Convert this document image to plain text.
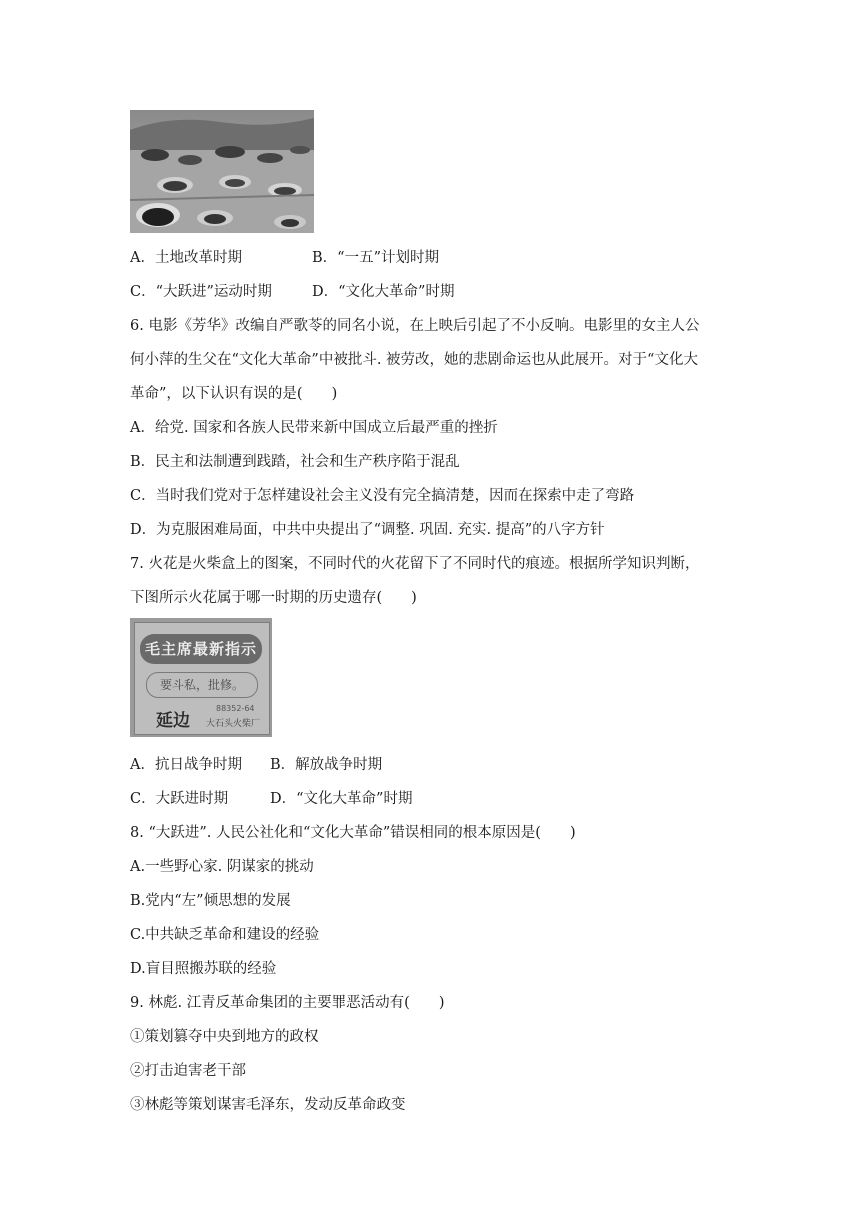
A．土地改革时期	B．“一五”计划时期
C．“大跃进”运动时期	D．“文化大革命”时期
6. 电影《芳华》改编自严歌苓的同名小说，在上映后引起了不小反响。电影里的女主人公
何小萍的生父在“文化大革命”中被批斗. 被劳改，她的悲剧命运也从此展开。对于“文化大
革命”，以下认识有误的是(　　)
A．给党. 国家和各族人民带来新中国成立后最严重的挫折
B．民主和法制遭到践踏，社会和生产秩序陷于混乱
C．当时我们党对于怎样建设社会主义没有完全搞清楚，因而在探索中走了弯路
D．为克服困难局面，中共中央提出了“调整. 巩固. 充实. 提高”的八字方针
7. 火花是火柴盒上的图案，不同时代的火花留下了不同时代的痕迹。根据所学知识判断，
下图所示火花属于哪一时期的历史遗存(　　)
毛主席最新指示
要斗私，批修。
延边
88352-64
大石头火柴厂
A．抗日战争时期 B．解放战争时期
C．大跃进时期	D．“文化大革命”时期
8. “大跃进”. 人民公社化和“文化大革命”错误相同的根本原因是(　　)
A.一些野心家. 阴谋家的挑动
B.党内“左”倾思想的发展
C.中共缺乏革命和建设的经验
D.盲目照搬苏联的经验
9. 林彪. 江青反革命集团的主要罪恶活动有(　　)
①策划篡夺中央到地方的政权
②打击迫害老干部
③林彪等策划谋害毛泽东，发动反革命政变
